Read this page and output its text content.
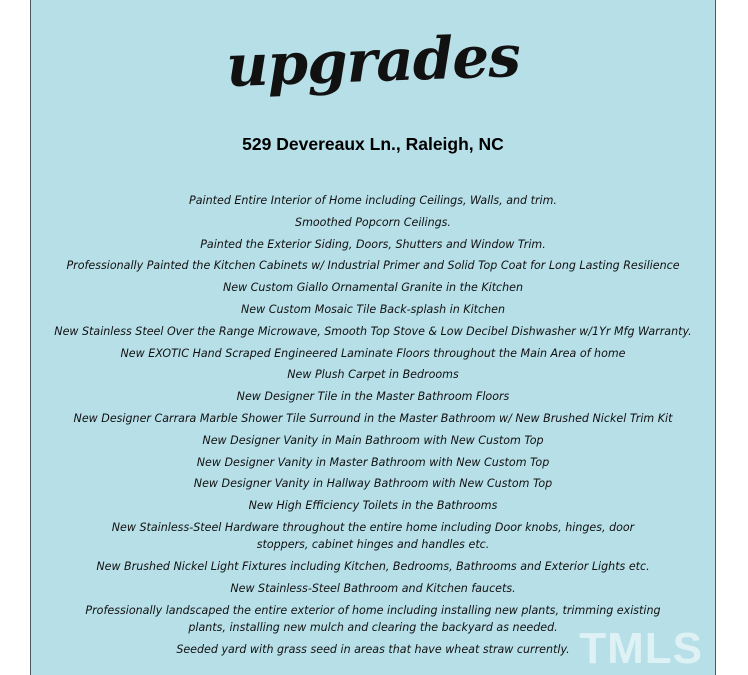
upgrades
529 Devereaux Ln., Raleigh, NC
Painted Entire Interior of Home including Ceilings, Walls, and trim.
Smoothed Popcorn Ceilings.
Painted the Exterior Siding, Doors, Shutters and Window Trim.
Professionally Painted the Kitchen Cabinets w/ Industrial Primer and Solid Top Coat for Long Lasting Resilience
New Custom Giallo Ornamental Granite in the Kitchen
New Custom Mosaic Tile Back-splash in Kitchen
New Stainless Steel Over the Range Microwave, Smooth Top Stove & Low Decibel Dishwasher w/1Yr Mfg Warranty.
New EXOTIC Hand Scraped Engineered Laminate Floors throughout the Main Area of home
New Plush Carpet in Bedrooms
New Designer Tile in the Master Bathroom Floors
New Designer Carrara Marble Shower Tile Surround in the Master Bathroom w/ New Brushed Nickel Trim Kit
New Designer Vanity in Main Bathroom with New Custom Top
New Designer Vanity in Master Bathroom with New Custom Top
New Designer Vanity in Hallway Bathroom with New Custom Top
New High Efficiency Toilets in the Bathrooms
New Stainless-Steel Hardware throughout the entire home including Door knobs, hinges, door stoppers, cabinet hinges and handles etc.
New Brushed Nickel Light Fixtures including Kitchen, Bedrooms, Bathrooms and Exterior Lights etc.
New Stainless-Steel Bathroom and Kitchen faucets.
Professionally landscaped the entire exterior of home including installing new plants, trimming existing plants, installing new mulch and clearing the backyard as needed.
Seeded yard with grass seed in areas that have wheat straw currently. TMLS
